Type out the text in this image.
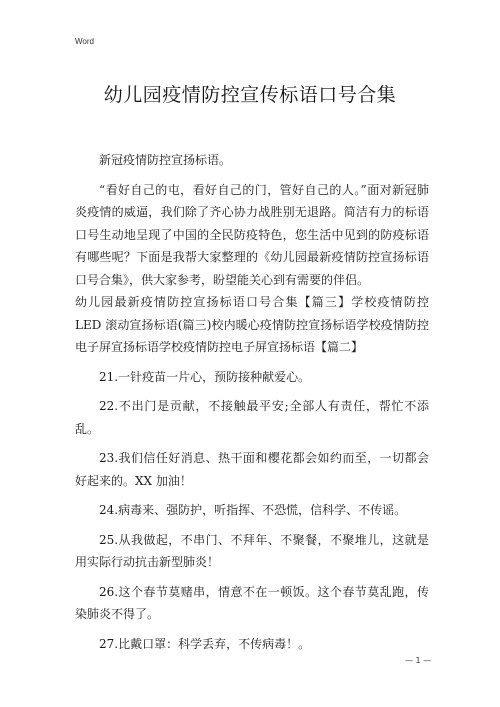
Word
幼儿园疫情防控宣传标语口号合集

新冠疫情防控宣扬标语。

“看好自己的屯，看好自己的门，管好自己的人。”面对新冠肺炎疫情的威逼，我们除了齐心协力战胜别无退路。简洁有力的标语口号生动地呈现了中国的全民防疫特色，您生活中见到的防疫标语有哪些呢？下面是我帮大家整理的《幼儿园最新疫情防控宣扬标语口号合集》，供大家参考，盼望能关心到有需要的伴侣。

幼儿园最新疫情防控宣扬标语口号合集【篇三】学校疫情防控 LED 滚动宣扬标语(篇三)校内暖心疫情防控宣扬标语学校疫情防控电子屏宣扬标语学校疫情防控电子屏宣扬标语【篇二】

21.一针疫苗一片心，预防接种献爱心。

22.不出门是贡献，不接触最平安;全部人有责任，帮忙不添乱。

23.我们信任好消息、热干面和樱花都会如约而至，一切都会好起来的。XX 加油！

24.病毒来、强防护，听指挥、不恐慌，信科学、不传谣。

25.从我做起，不串门、不拜年、不聚餐，不聚堆儿，这就是用实际行动抗击新型肺炎！

26.这个春节莫赌串，情意不在一顿饭。这个春节莫乱跑，传染肺炎不得了。

27.比戴口罩：科学丢弃，不传病毒！。

— 1 —
